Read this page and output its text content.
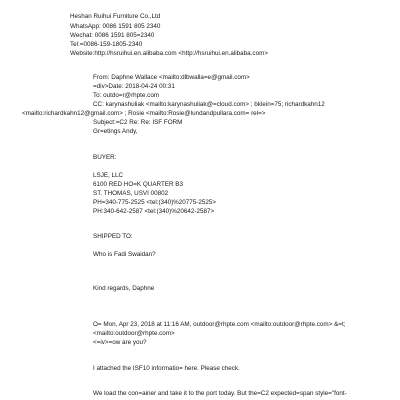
Heshan Ruihui Furniture Co.,Ltd

WhatsApp: 0086 1591 805 2340

Wechat: 0086 1591 805=2340

Tel:=0086-159-1805-2340

Website:http://hsruihui.en.alibaba.com <http://hsruihui.en.alibaba.com>

From: Daphne Wallace <mailto:dlbwalla=e@gmail.com>

=div>Date: 2018-04-24 00:31

To: outdo=r@rhpte.com

CC: karynashuliak <mailto:karynashuliak@=cloud.com> ; bklein=75; richardkahn12

<mailto:richardkahn12@gmail.com> ; Rosie <mailto:Rosie@lundandpullara.com= rel=>

Subject:=C2 Re: Re: ISF FORM

Gr=etings Andy,

BUYER:

LSJE, LLC

6100 RED HO=K QUARTER B3

ST. THOMAS, USVI 00802

PH=340-775-2525 <tel:(340)%20775-2525>

PH:340-642-2587 <tel:(340)%20642-2587>

SHIPPED TO:

Who is Fadi Swaidan?

Kind regards, Daphne

O= Mon, Apr 23, 2018 at 11:16 AM, outdoor@rhpte.com <mailto:outdoor@rhpte.com> &=t;

<mailto:outdoor@rhpte.com>

<=iv>=ow are you?

I attached the ISF10 informatio= here. Please check.

We load the con=ainer and take it to the port today. But the=C2 expected=span style="font-
